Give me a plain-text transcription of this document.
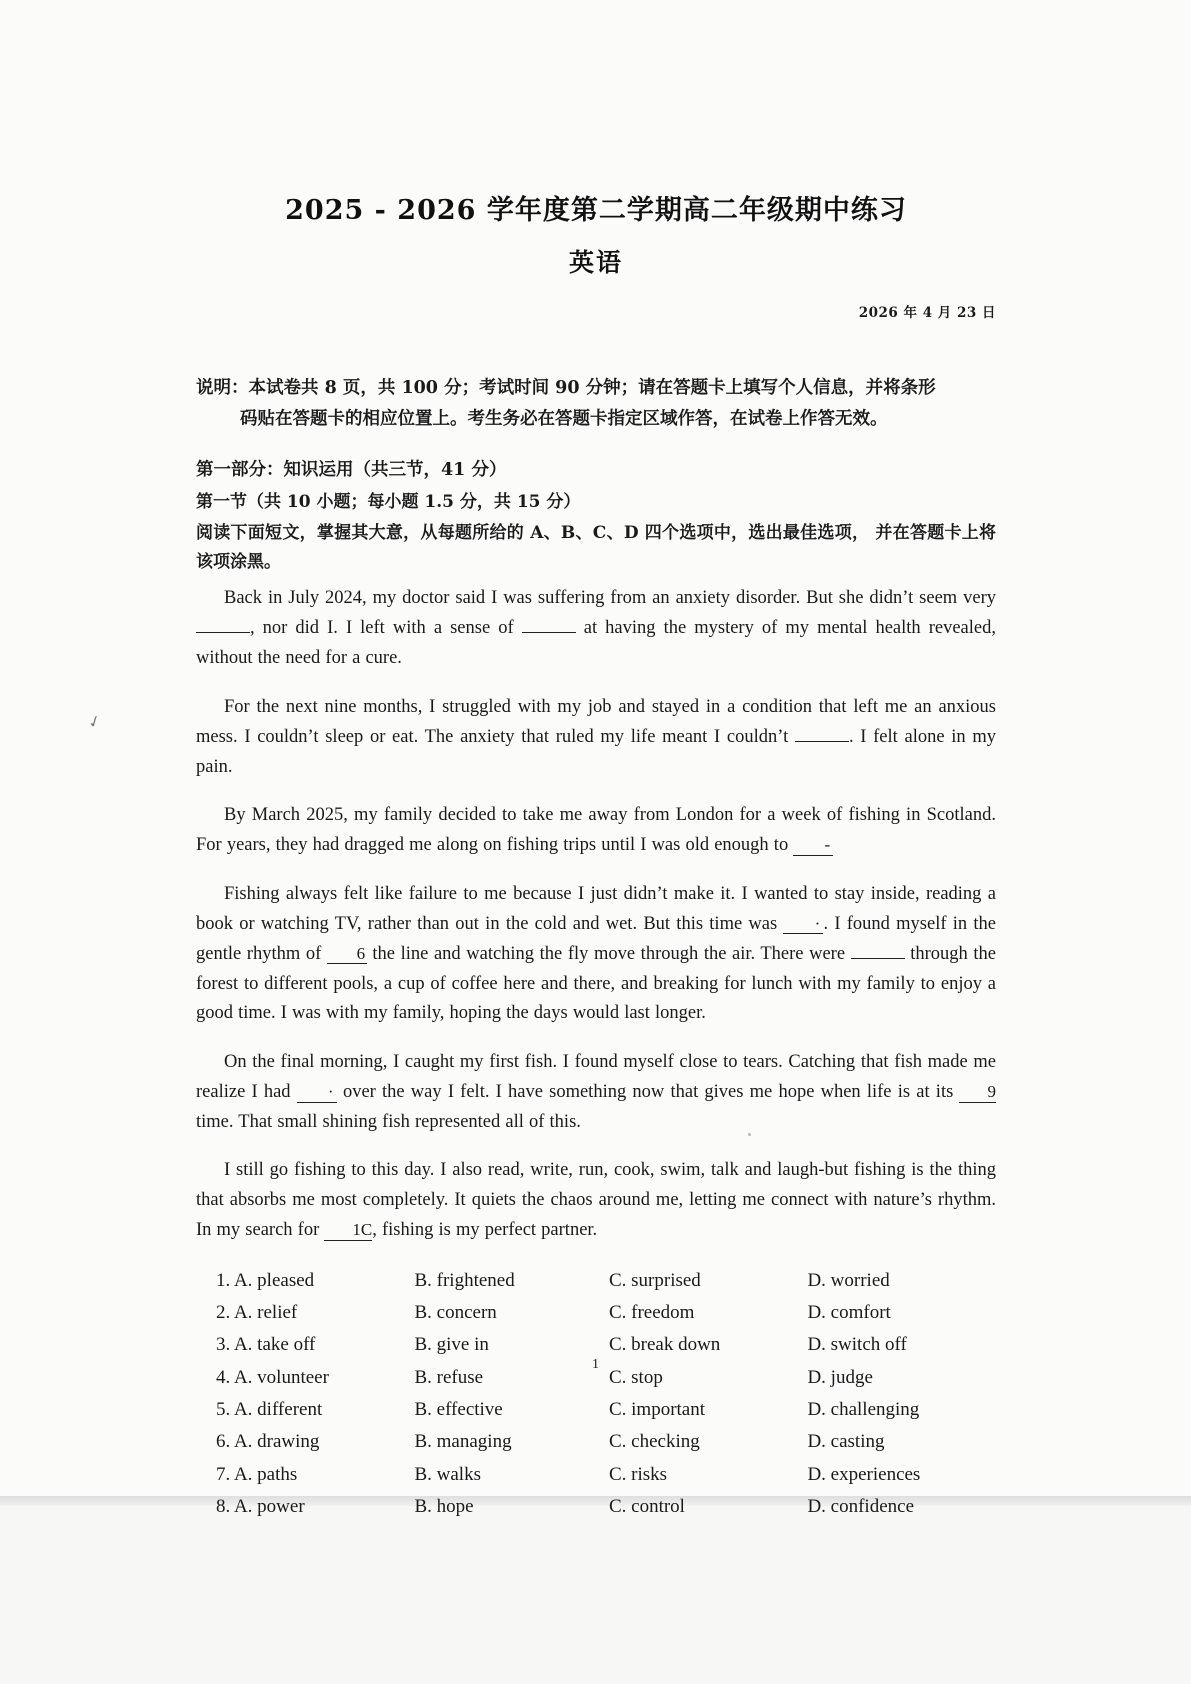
✓
2025 - 2026 学年度第二学期高二年级期中练习
英语
2026 年 4 月 23 日
说明：本试卷共 8 页，共 100 分；考试时间 90 分钟；请在答题卡上填写个人信息，并将条形
码贴在答题卡的相应位置上。考生务必在答题卡指定区域作答，在试卷上作答无效。
第一部分：知识运用（共三节，41 分）
第一节（共 10 小题；每小题 1.5 分，共 15 分）
阅读下面短文，掌握其大意，从每题所给的 A、B、C、D 四个选项中，选出最佳选项， 并在答题卡上将该项涂黑。

Back in July 2024, my doctor said I was suffering from an anxiety disorder. But she didn’t seem very , nor did I. I left with a sense of	at having the mystery of my mental health revealed, without the need for a cure.

For the next nine months, I struggled with my job and stayed in a condition that left me an anxious mess. I couldn’t sleep or eat. The anxiety that ruled my life meant I couldn’t	. I felt alone in my pain.

By March 2025, my family decided to take me away from London for a week of fishing in Scotland. For years, they had dragged me along on fishing trips until I was old enough to -

Fishing always felt like failure to me because I just didn’t make it. I wanted to stay inside, reading a book or watching TV, rather than out in the cold and wet. But this time was · . I found myself in the gentle rhythm of 6 the line and watching the fly move through the air. There were	through the forest to different pools, a cup of coffee here and there, and breaking for lunch with my family to enjoy a good time. I was with my family, hoping the days would last longer.

On the final morning, I caught my first fish. I found myself close to tears. Catching that fish made me realize I had · over the way I felt. I have something now that gives me hope when life is at its 9 time. That small shining fish represented all of this.

I still go fishing to this day. I also read, write, run, cook, swim, talk and laugh-but fishing is the thing that absorbs me most completely. It quiets the chaos around me, letting me connect with nature’s rhythm. In my search for 1C, fishing is my perfect partner.

1. A. pleased	B. frightened	C. surprised	D. worried
2. A. relief	B. concern	C. freedom	D. comfort
3. A. take off	B. give in	C. break down	D. switch off
4. A. volunteer	B. refuse	C. stop	D. judge
5. A. different	B. effective	C. important	D. challenging
6. A. drawing	B. managing	C. checking	D. casting
7. A. paths	B. walks	C. risks	D. experiences
8. A. power	B. hope	C. control	D. confidence
1
